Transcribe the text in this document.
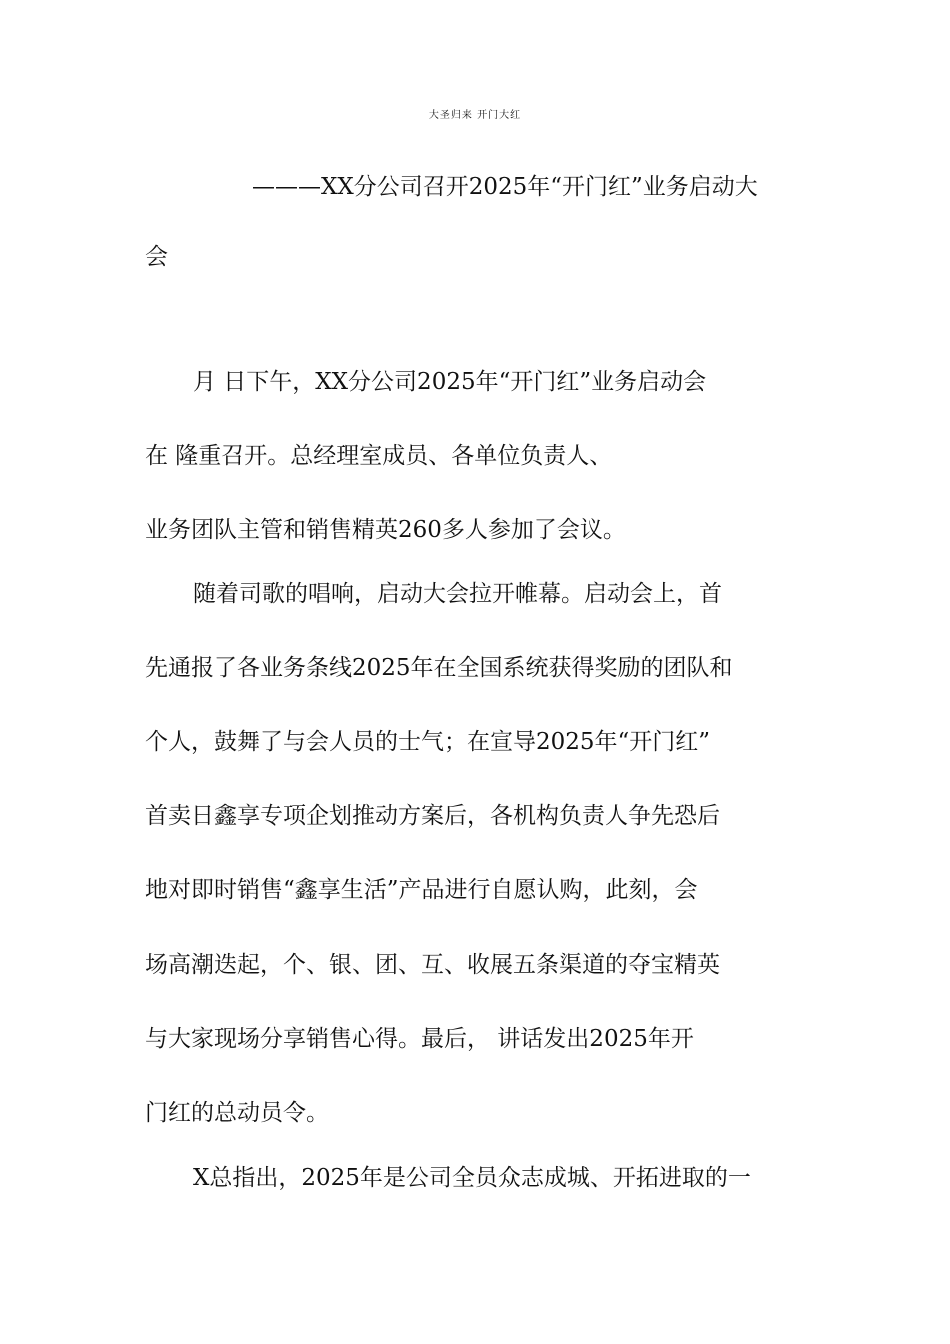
大圣归来 开门大红
———XX分公司召开2025年“开门红”业务启动大
会
月 日下午，XX分公司2025年“开门红”业务启动会
在 隆重召开。总经理室成员、各单位负责人、
业务团队主管和销售精英260多人参加了会议。
随着司歌的唱响，启动大会拉开帷幕。启动会上，首
先通报了各业务条线2025年在全国系统获得奖励的团队和
个人，鼓舞了与会人员的士气；在宣导2025年“开门红”
首卖日鑫享专项企划推动方案后，各机构负责人争先恐后
地对即时销售“鑫享生活”产品进行自愿认购，此刻，会
场高潮迭起，个、银、团、互、收展五条渠道的夺宝精英
与大家现场分享销售心得。最后， 讲话发出2025年开
门红的总动员令。
X总指出，2025年是公司全员众志成城、开拓进取的一
